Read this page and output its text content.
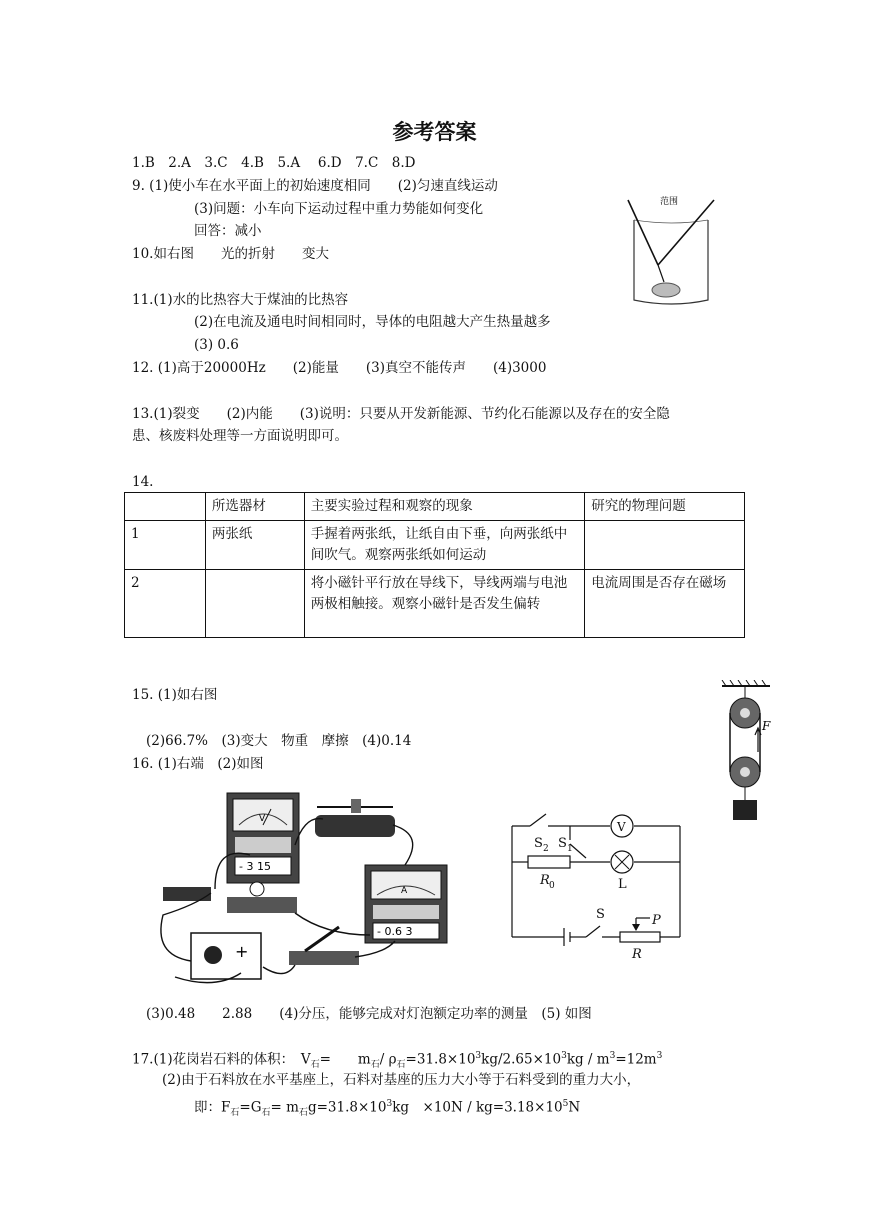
参考答案
1.B　2.A　3.C　4.B　5.A　 6.D　7.C　8.D
9. (1)使小车在水平面上的初始速度相同　　(2)匀速直线运动
(3)问题：小车向下运动过程中重力势能如何变化
回答：减小
10.如右图　　光的折射　　变大
11.(1)水的比热容大于煤油的比热容
(2)在电流及通电时间相同时，导体的电阻越大产生热量越多
(3) 0.6
12. (1)高于20000Hz　　(2)能量　　(3)真空不能传声　　(4)3000
13.(1)裂变　　(2)内能　　(3)说明：只要从开发新能源、节约化石能源以及存在的安全隐
患、核废料处理等一方面说明即可。
14.
	所选器材	主要实验过程和观察的现象	研究的物理问题
1	两张纸	手握着两张纸，让纸自由下垂，向两张纸中间吹气。观察两张纸如何运动	
2		将小磁针平行放在导线下，导线两端与电池两极相触接。观察小磁针是否发生偏转	电流周围是否存在磁场
15. (1)如右图
(2)66.7%　(3)变大　物重　摩擦　(4)0.14
16. (1)右端　(2)如图
(3)0.48　　2.88　　(4)分压，能够完成对灯泡额定功率的测量　(5) 如图
17.(1)花岗岩石料的体积：　$V_石=$　　$m_石/$ $\rho_石=31.8\times 10^3kg/2.65\times 10^3kg / m^3=12m^3$
(2)由于石料放在水平基座上，石料对基座的压力大小等于石料受到的重力大小，
即：$F_石=G_石= m_石g=31.8\times 10^3kg$　$\times 10N / kg=3.18\times 10^5N$
范围
F
V
- 3 15
A
- 0.6 3
+
V
S 2 S 1
R 0	L
S	P
R
